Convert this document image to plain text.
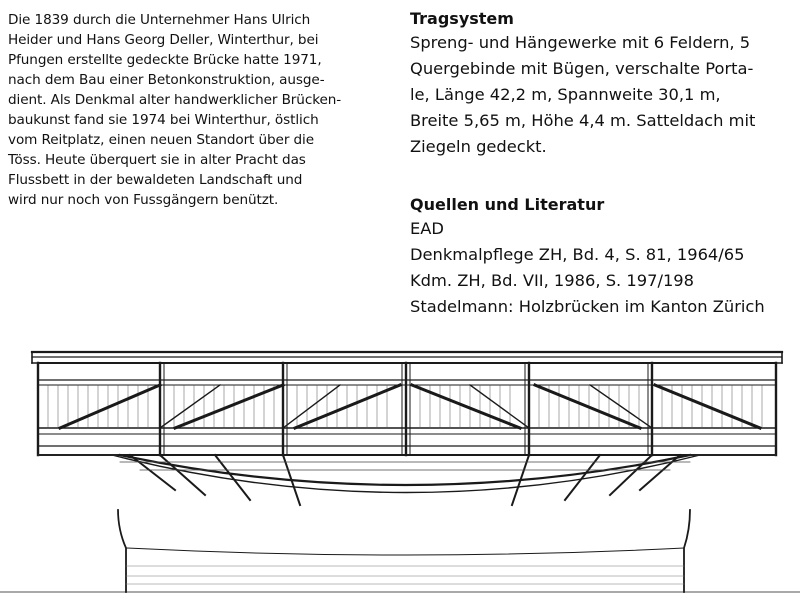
Die 1839 durch die Unternehmer Hans Ulrich
Heider und Hans Georg Deller, Winterthur, bei
Pfungen erstellte gedeckte Brücke hatte 1971,
nach dem Bau einer Betonkonstruktion, ausge-
dient. Als Denkmal alter handwerklicher Brücken-
baukunst fand sie 1974 bei Winterthur, östlich
vom Reitplatz, einen neuen Standort über die
Töss. Heute überquert sie in alter Pracht das
Flussbett in der bewaldeten Landschaft und
wird nur noch von Fussgängern benützt.
Tragsystem
Spreng- und Hängewerke mit 6 Feldern, 5
Quergebinde mit Bügen, verschalte Porta-
le, Länge 42,2 m, Spannweite 30,1 m,
Breite 5,65 m, Höhe 4,4 m. Satteldach mit
Ziegeln gedeckt.
Quellen und Literatur
EAD
Denkmalpflege ZH, Bd. 4, S. 81, 1964/65
Kdm. ZH, Bd. VII, 1986, S. 197/198
Stadelmann: Holzbrücken im Kanton Zürich
